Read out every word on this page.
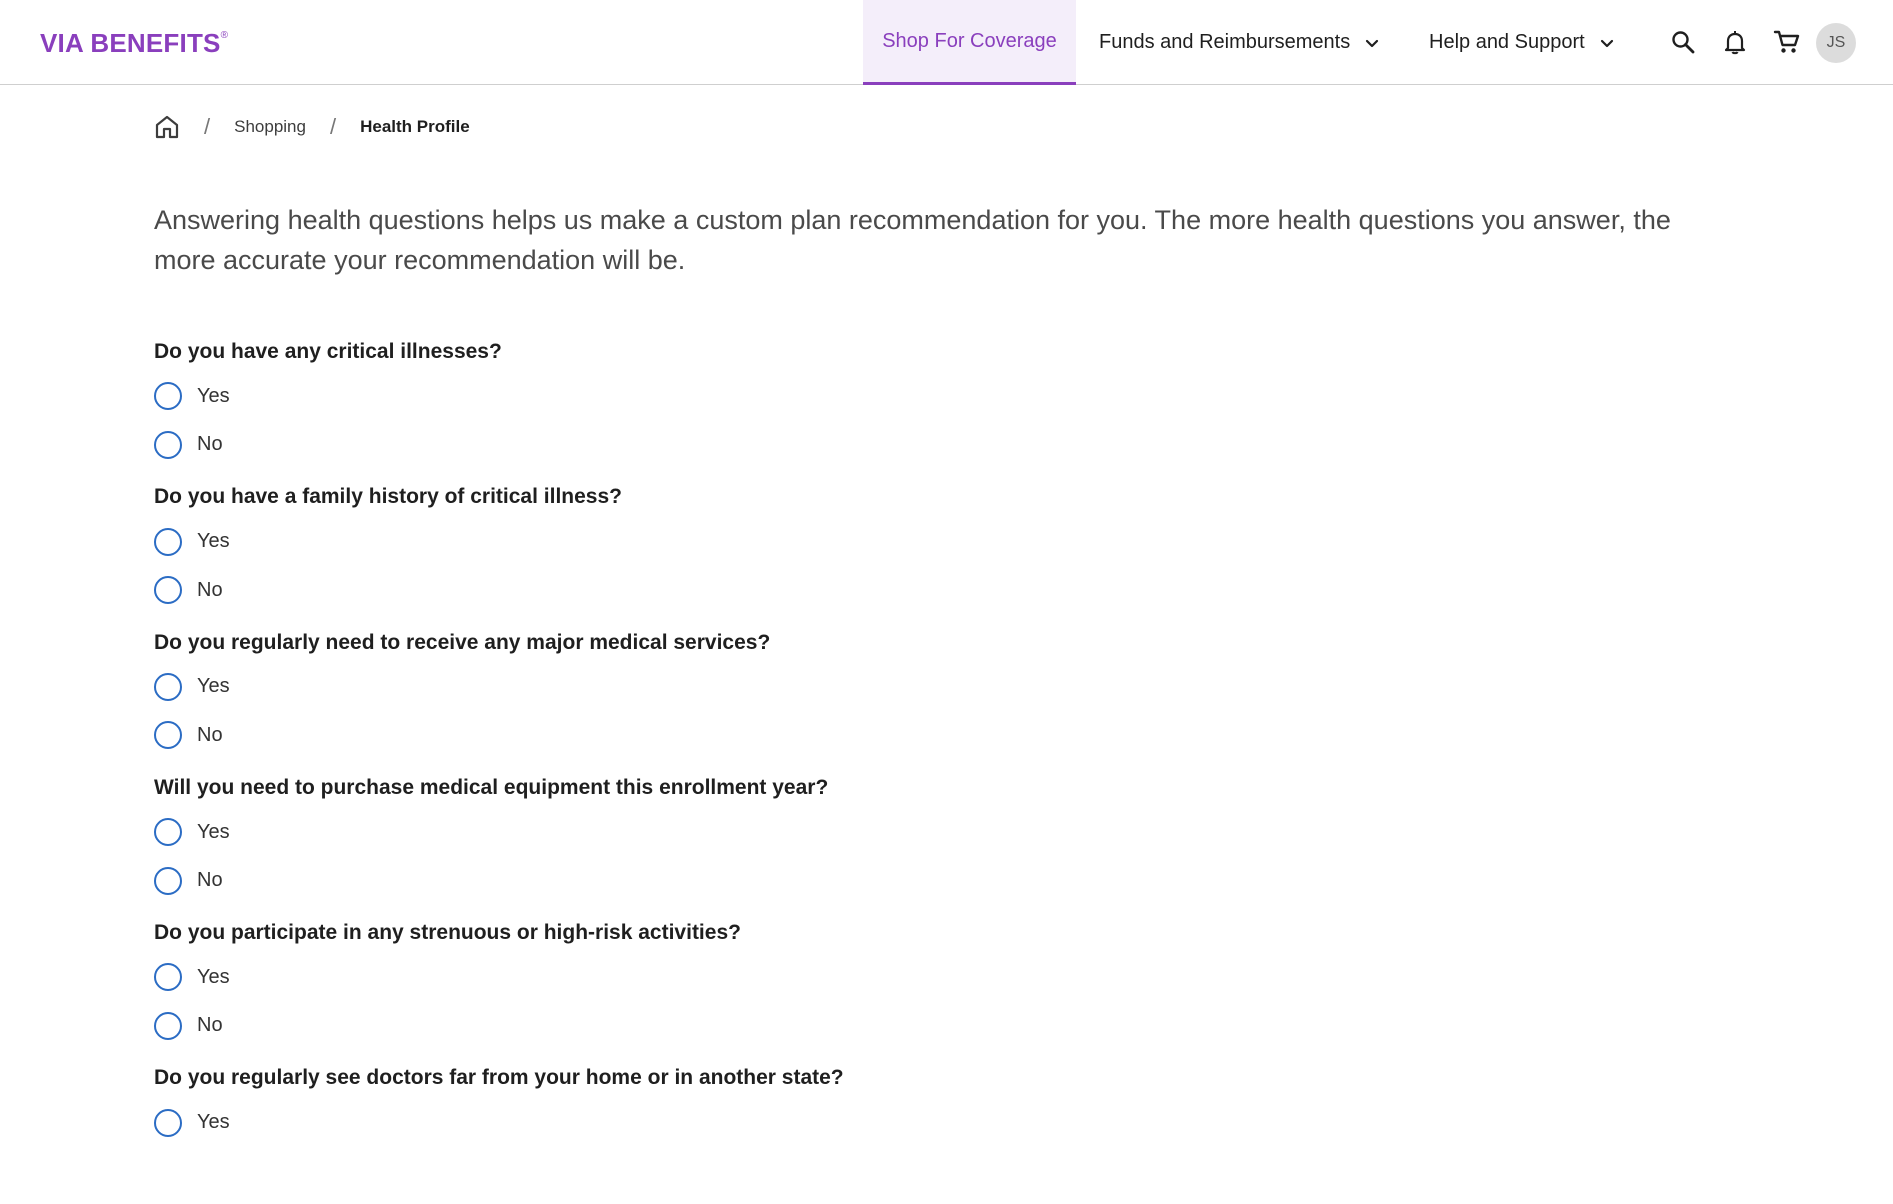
VIA BENEFITS®	Shop For Coverage Funds and Reimbursements	Help and Support	JS
/ Shopping / Health Profile

Answering health questions helps us make a custom plan recommendation for you. The more health questions you answer, the more accurate your recommendation will be.

Do you have any critical illnesses?
Yes
No
Do you have a family history of critical illness?
Yes
No
Do you regularly need to receive any major medical services?
Yes
No
Will you need to purchase medical equipment this enrollment year?
Yes
No
Do you participate in any strenuous or high-risk activities?
Yes
No
Do you regularly see doctors far from your home or in another state?
Yes
